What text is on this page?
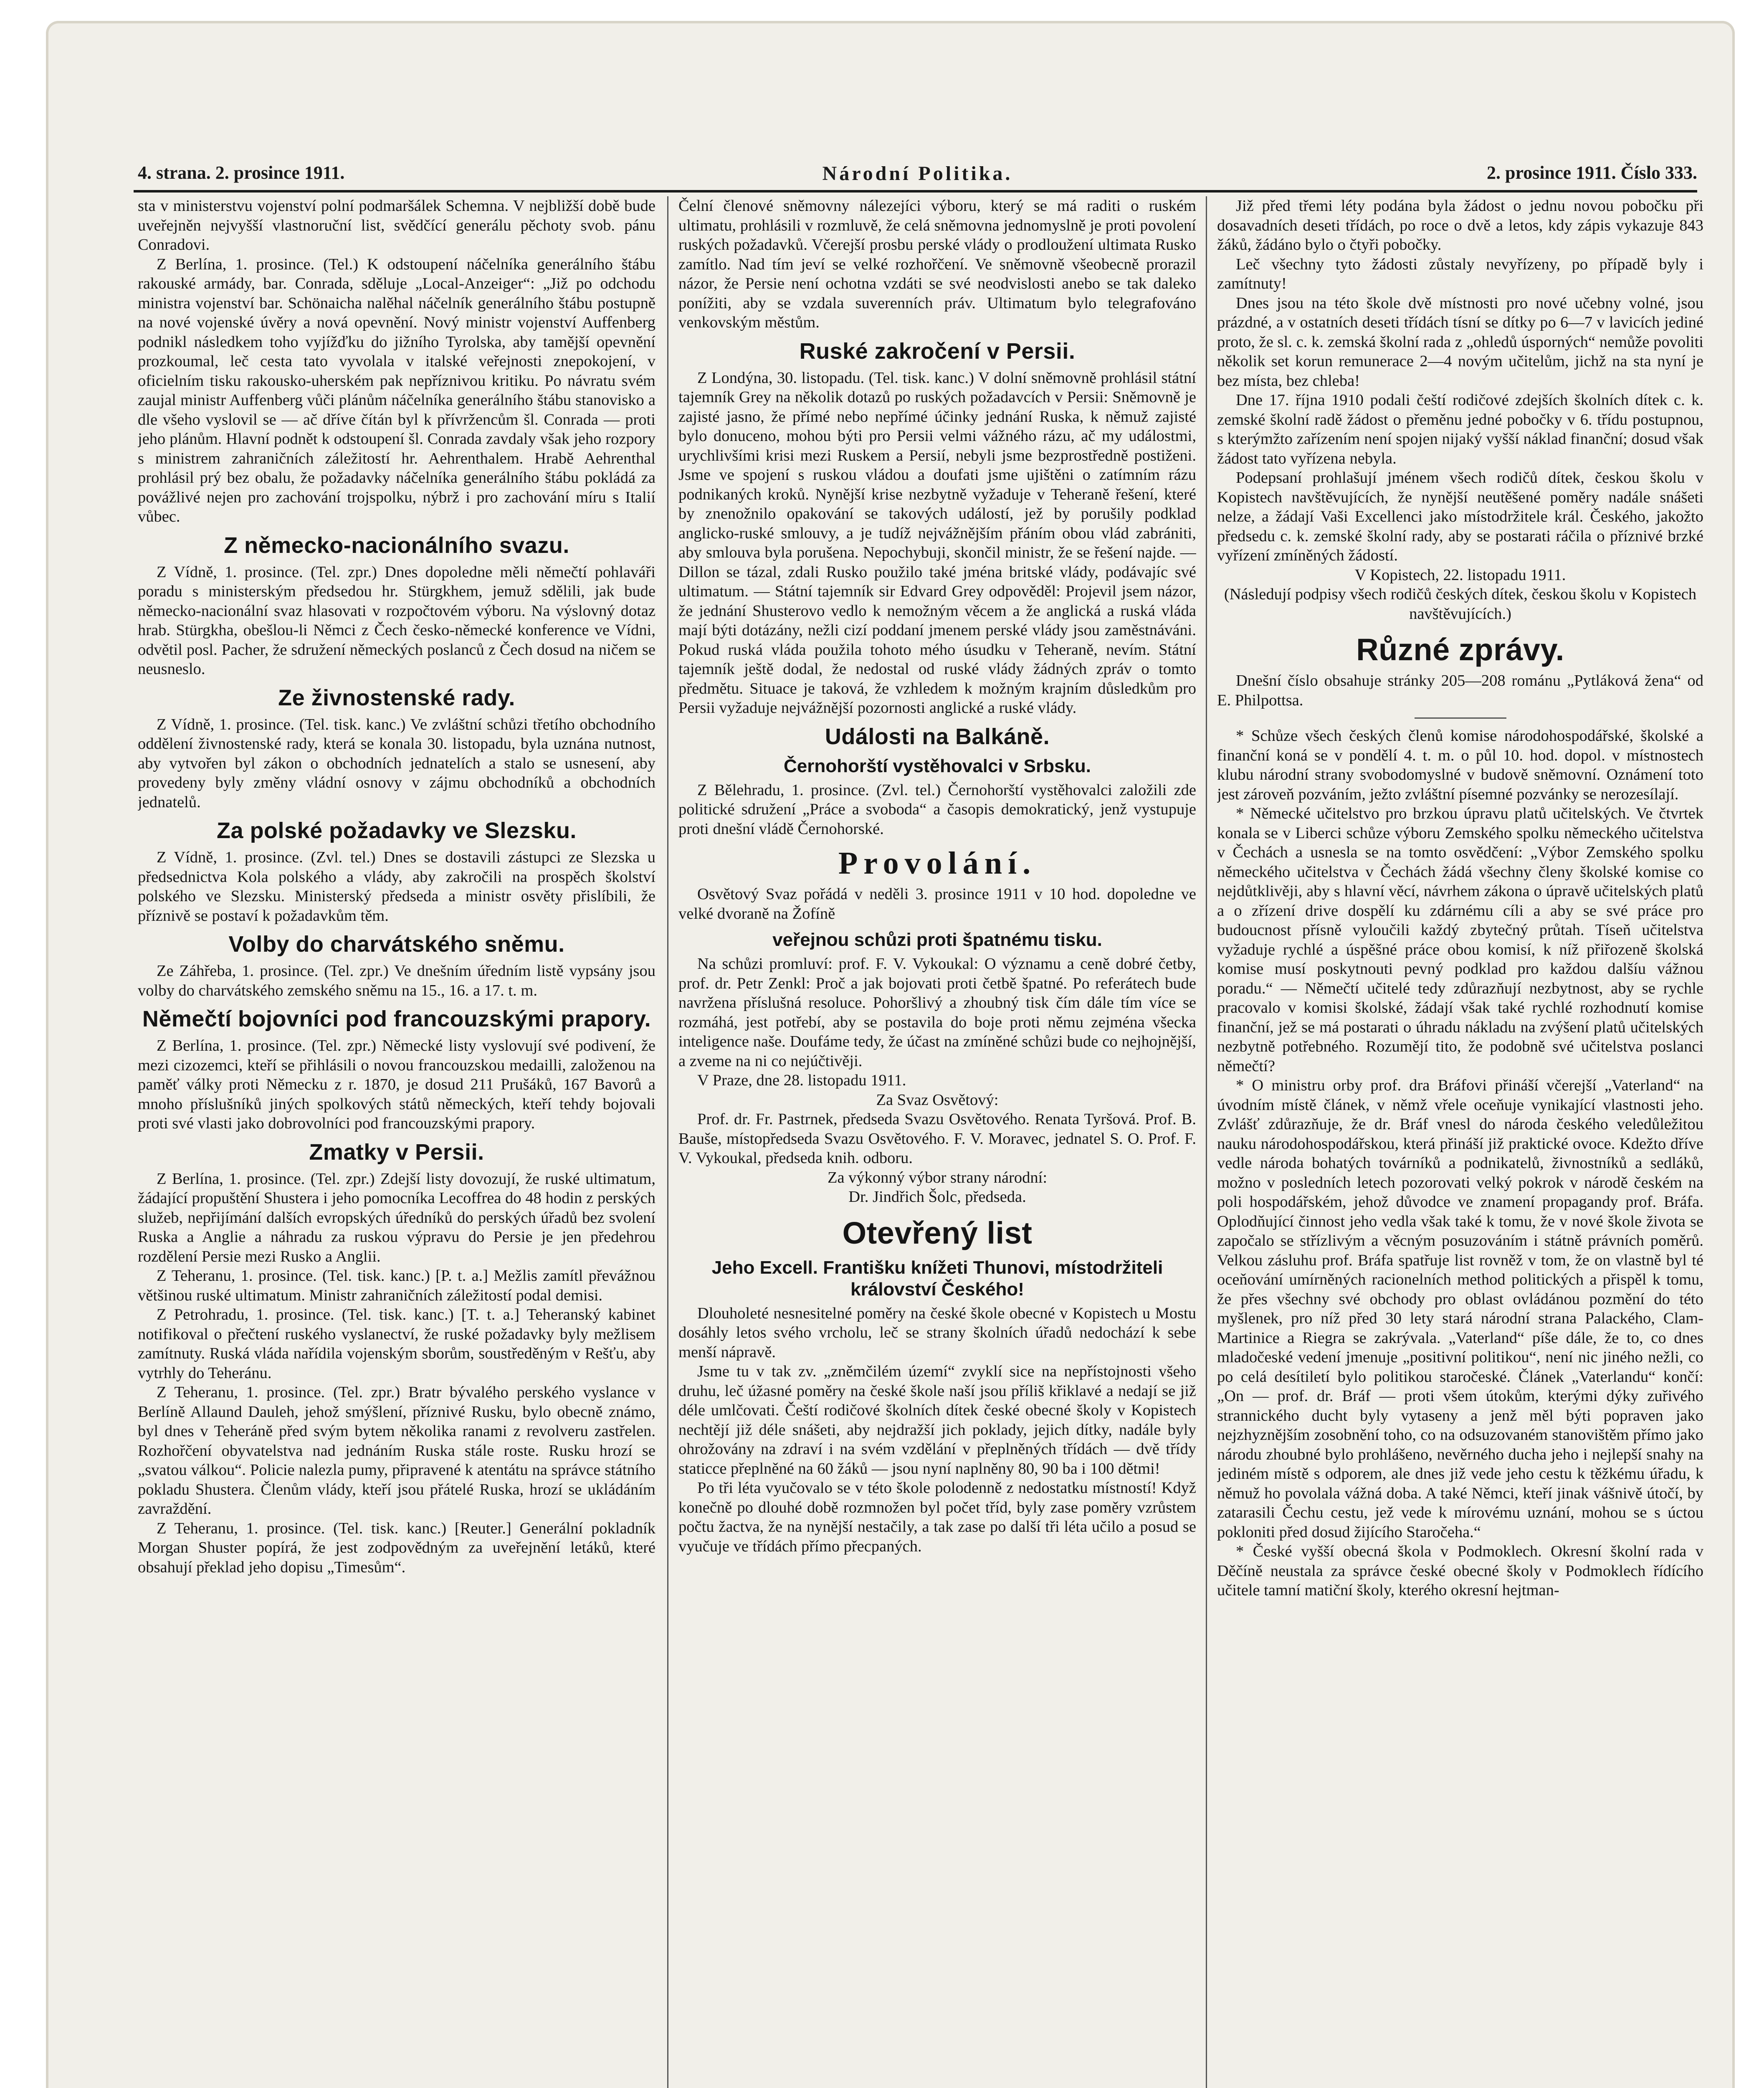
4. strana. 2. prosince 1911.	Národní Politika.	2. prosince 1911. Číslo 333.

sta v ministerstvu vojenství polní podmaršálek Schemna. V nejbližší době bude uveřejněn nejvyšší vlastnoruční list, svědčící generálu pěchoty svob. pánu Conradovi.

Z Berlína, 1. prosince. (Tel.) K odstoupení náčelníka generálního štábu rakouské armády, bar. Conrada, sděluje „Local-Anzeiger“: „Již po odchodu ministra vojenství bar. Schönaicha nalěhal náčelník generálního štábu postupně na nové vojenské úvěry a nová opevnění. Nový ministr vojenství Auffenberg podnikl následkem toho vyjížďku do jižního Tyrolska, aby tamější opevnění prozkoumal, leč cesta tato vyvolala v italské veřejnosti znepokojení, v oficielním tisku rakousko-uherském pak nepříznivou kritiku. Po návratu svém zaujal ministr Auffenberg vůči plánům náčelníka generálního štábu stanovisko a dle všeho vyslovil se — ač dříve čítán byl k přívržencům šl. Conrada — proti jeho plánům. Hlavní podnět k odstoupení šl. Conrada zavdaly však jeho rozpory s ministrem zahraničních záležitostí hr. Aehrenthalem. Hrabě Aehrenthal prohlásil prý bez obalu, že požadavky náčelníka generálního štábu pokládá za povážlivé nejen pro zachování trojspolku, nýbrž i pro zachování míru s Italií vůbec.

Z německo-nacionálního svazu.

Z Vídně, 1. prosince. (Tel. zpr.) Dnes dopoledne měli němečtí pohlaváři poradu s ministerským předsedou hr. Stürgkhem, jemuž sdělili, jak bude německo-nacionální svaz hlasovati v rozpočtovém výboru. Na výslovný dotaz hrab. Stürgkha, obešlou-li Němci z Čech česko-německé konference ve Vídni, odvětil posl. Pacher, že sdružení německých poslanců z Čech dosud na ničem se neusneslo.

Ze živnostenské rady.

Z Vídně, 1. prosince. (Tel. tisk. kanc.) Ve zvláštní schůzi třetího obchodního oddělení živnostenské rady, která se konala 30. listopadu, byla uznána nutnost, aby vytvořen byl zákon o obchodních jednatelích a stalo se usnesení, aby provedeny byly změny vládní osnovy v zájmu obchodníků a obchodních jednatelů.

Za polské požadavky ve Slezsku.

Z Vídně, 1. prosince. (Zvl. tel.) Dnes se dostavili zástupci ze Slezska u předsednictva Kola polského a vlády, aby zakročili na prospěch školství polského ve Slezsku. Ministerský předseda a ministr osvěty přislíbili, že příznivě se postaví k požadavkům těm.

Volby do charvátského sněmu.

Ze Záhřeba, 1. prosince. (Tel. zpr.) Ve dnešním úředním listě vypsány jsou volby do charvátského zemského sněmu na 15., 16. a 17. t. m.

Němečtí bojovníci pod francouzskými prapory.

Z Berlína, 1. prosince. (Tel. zpr.) Německé listy vyslovují své podivení, že mezi cizozemci, kteří se přihlásili o novou francouzskou medailli, založenou na paměť války proti Německu z r. 1870, je dosud 211 Prušáků, 167 Bavorů a mnoho příslušníků jiných spolkových států německých, kteří tehdy bojovali proti své vlasti jako dobrovolníci pod francouzskými prapory.

Zmatky v Persii.

Z Berlína, 1. prosince. (Tel. zpr.) Zdejší listy dovozují, že ruské ultimatum, žádající propuštění Shustera i jeho pomocníka Lecoffrea do 48 hodin z perských služeb, nepřijímání dalších evropských úředníků do perských úřadů bez svolení Ruska a Anglie a náhradu za ruskou výpravu do Persie je jen předehrou rozdělení Persie mezi Rusko a Anglii.

Z Teheranu, 1. prosince. (Tel. tisk. kanc.) [P. t. a.] Mežlis zamítl převážnou většinou ruské ultimatum. Ministr zahraničních záležitostí podal demisi.

Z Petrohradu, 1. prosince. (Tel. tisk. kanc.) [T. t. a.] Teheranský kabinet notifikoval o přečtení ruského vyslanectví, že ruské požadavky byly mežlisem zamítnuty. Ruská vláda nařídila vojenským sborům, soustředěným v Rešťu, aby vytrhly do Teheránu.

Z Teheranu, 1. prosince. (Tel. zpr.) Bratr bývalého perského vyslance v Berlíně Allaund Dauleh, jehož smýšlení, příznivé Rusku, bylo obecně známo, byl dnes v Teheráně před svým bytem několika ranami z revolveru zastřelen. Rozhořčení obyvatelstva nad jednáním Ruska stále roste. Rusku hrozí se „svatou válkou“. Policie nalezla pumy, připravené k atentátu na správce státního pokladu Shustera. Členům vlády, kteří jsou přátelé Ruska, hrozí se ukládáním zavraždění.

Z Teheranu, 1. prosince. (Tel. tisk. kanc.) [Reuter.] Generální pokladník Morgan Shuster popírá, že jest zodpovědným za uveřejnění letáků, které obsahují překlad jeho dopisu „Timesům“.

Čelní členové sněmovny nálezejíci výboru, který se má raditi o ruském ultimatu, prohlásili v rozmluvě, že celá sněmovna jednomyslně je proti povolení ruských požadavků. Včerejší prosbu perské vlády o prodloužení ultimata Rusko zamítlo. Nad tím jeví se velké rozhořčení. Ve sněmovně všeobecně prorazil názor, že Persie není ochotna vzdáti se své neodvislosti anebo se tak daleko ponížiti, aby se vzdala suverenních práv. Ultimatum bylo telegrafováno venkovským městům.

Ruské zakročení v Persii.

Z Londýna, 30. listopadu. (Tel. tisk. kanc.) V dolní sněmovně prohlásil státní tajemník Grey na několik dotazů po ruských požadavcích v Persii: Sněmovně je zajisté jasno, že přímé nebo nepřímé účinky jednání Ruska, k němuž zajisté bylo donuceno, mohou býti pro Persii velmi vážného rázu, ač my událostmi, urychlivšími krisi mezi Ruskem a Persií, nebyli jsme bezprostředně postiženi. Jsme ve spojení s ruskou vládou a doufati jsme ujištěni o zatímním rázu podnikaných kroků. Nynější krise nezbytně vyžaduje v Teheraně řešení, které by znenožnilo opakování se takových událostí, jež by porušily podklad anglicko-ruské smlouvy, a je tudíž nejvážnějším přáním obou vlád zabrániti, aby smlouva byla porušena. Nepochybuji, skončil ministr, že se řešení najde. — Dillon se tázal, zdali Rusko použilo také jména britské vlády, podávajíc své ultimatum. — Státní tajemník sir Edvard Grey odpověděl: Projevil jsem názor, že jednání Shusterovo vedlo k nemožným věcem a že anglická a ruská vláda mají býti dotázány, nežli cizí poddaní jmenem perské vlády jsou zaměstnáváni. Pokud ruská vláda použila tohoto mého úsudku v Teheraně, nevím. Státní tajemník ještě dodal, že nedostal od ruské vlády žádných zpráv o tomto předmětu. Situace je taková, že vzhledem k možným krajním důsledkům pro Persii vyžaduje nejvážnější pozornosti anglické a ruské vlády.

Události na Balkáně.
Černohorští vystěhovalci v Srbsku.

Z Bělehradu, 1. prosince. (Zvl. tel.) Černohorští vystěhovalci založili zde politické sdružení „Práce a svoboda“ a časopis demokratický, jenž vystupuje proti dnešní vládě Černohorské.

Provolání.

Osvětový Svaz pořádá v neděli 3. prosince 1911 v 10 hod. dopoledne ve velké dvoraně na Žofíně

veřejnou schůzi proti špatnému tisku.

Na schůzi promluví: prof. F. V. Vykoukal: O významu a ceně dobré četby, prof. dr. Petr Zenkl: Proč a jak bojovati proti četbě špatné. Po referátech bude navržena příslušná resoluce. Pohoršlivý a zhoubný tisk čím dále tím více se rozmáhá, jest potřebí, aby se postavila do boje proti němu zejména všecka inteligence naše. Doufáme tedy, že účast na zmíněné schůzi bude co nejhojnější, a zveme na ni co nejúčtivěji.

V Praze, dne 28. listopadu 1911.

Za Svaz Osvětový:

Prof. dr. Fr. Pastrnek, předseda Svazu Osvětového. Renata Tyršová. Prof. B. Bauše, místopředseda Svazu Osvětového. F. V. Moravec, jednatel S. O. Prof. F. V. Vykoukal, předseda knih. odboru.

Za výkonný výbor strany národní:

Dr. Jindřich Šolc, předseda.

Otevřený list
Jeho Excell. Františku knížeti Thunovi, místodržiteli království Českého!

Dlouholeté nesnesitelné poměry na české škole obecné v Kopistech u Mostu dosáhly letos svého vrcholu, leč se strany školních úřadů nedochází k sebe menší nápravě.

Jsme tu v tak zv. „zněmčilém území“ zvyklí sice na nepřístojnosti všeho druhu, leč úžasné poměry na české škole naší jsou příliš křiklavé a nedají se již déle umlčovati. Čeští rodičové školních dítek české obecné školy v Kopistech nechtějí již déle snášeti, aby nejdražší jich poklady, jejich dítky, nadále byly ohrožovány na zdraví i na svém vzdělání v přeplněných třídách — dvě třídy staticce přeplněné na 60 žáků — jsou nyní naplněny 80, 90 ba i 100 dětmi!

Po tři léta vyučovalo se v této škole polodenně z nedostatku místností! Když konečně po dlouhé době rozmnožen byl počet tříd, byly zase poměry vzrůstem počtu žactva, že na nynější nestačily, a tak zase po další tři léta učilo a posud se vyučuje ve třídách přímo přecpaných.

Již před třemi léty podána byla žádost o jednu novou pobočku při dosavadních deseti třídách, po roce o dvě a letos, kdy zápis vykazuje 843 žáků, žádáno bylo o čtyři pobočky.

Leč všechny tyto žádosti zůstaly nevyřízeny, po případě byly i zamítnuty!

Dnes jsou na této škole dvě místnosti pro nové učebny volné, jsou prázdné, a v ostatních deseti třídách tísní se dítky po 6—7 v lavicích jediné proto, že sl. c. k. zemská školní rada z „ohledů úsporných“ nemůže povoliti několik set korun remunerace 2—4 novým učitelům, jichž na sta nyní je bez místa, bez chleba!

Dne 17. října 1910 podali čeští rodičové zdejších školních dítek c. k. zemské školní radě žádost o přeměnu jedné pobočky v 6. třídu postupnou, s kterýmžto zařízením není spojen nijaký vyšší náklad finanční; dosud však žádost tato vyřízena nebyla.

Podepsaní prohlašují jménem všech rodičů dítek, českou školu v Kopistech navštěvujících, že nynější neutěšené poměry nadále snášeti nelze, a žádají Vaši Excellenci jako místodržitele král. Českého, jakožto předsedu c. k. zemské školní rady, aby se postarati ráčila o příznivé brzké vyřízení zmíněných žádostí.

V Kopistech, 22. listopadu 1911.

(Následují podpisy všech rodičů českých dítek, českou školu v Kopistech navštěvujících.)

Různé zprávy.

Dnešní číslo obsahuje stránky 205—208 románu „Pytláková žena“ od E. Philpottsa.

* Schůze všech českých členů komise národohospodářské, školské a finanční koná se v pondělí 4. t. m. o půl 10. hod. dopol. v místnostech klubu národní strany svobodomyslné v budově sněmovní. Oznámení toto jest zároveň pozváním, ježto zvláštní písemné pozvánky se nerozesílají.

* Německé učitelstvo pro brzkou úpravu platů učitelských. Ve čtvrtek konala se v Liberci schůze výboru Zemského spolku německého učitelstva v Čechách a usnesla se na tomto osvědčení: „Výbor Zemského spolku německého učitelstva v Čechách žádá všechny členy školské komise co nejdůtklivěji, aby s hlavní věcí, návrhem zákona o úpravě učitelských platů a o zřízení drive dospělí ku zdárnému cíli a aby se své práce pro budoucnost přísně vyloučili každý zbytečný průtah. Tíseň učitelstva vyžaduje rychlé a úspěšné práce obou komisí, k níž přiřozeně školská komise musí poskytnouti pevný podklad pro každou dalšíu vážnou poradu.“ — Němečtí učitelé tedy zdůrazňují nezbytnost, aby se rychle pracovalo v komisi školské, žádají však také rychlé rozhodnutí komise finanční, jež se má postarati o úhradu nákladu na zvýšení platů učitelských nezbytně potřebného. Rozumějí tito, že podobně své učitelstva poslanci němečtí?

* O ministru orby prof. dra Bráfovi přináší včerejší „Vaterland“ na úvodním místě článek, v němž vřele oceňuje vynikající vlastnosti jeho. Zvlášť zdůrazňuje, že dr. Bráf vnesl do národa českého veledůležitou nauku národohospodářskou, která přináší již praktické ovoce. Kdežto dříve vedle národa bohatých továrníků a podnikatelů, živnostníků a sedláků, možno v posledních letech pozorovati velký pokrok v národě českém na poli hospodářském, jehož důvodce ve znamení propagandy prof. Bráfa. Oplodňující činnost jeho vedla však také k tomu, že v nové škole života se započalo se střízlivým a věcným posuzováním i státně právních poměrů. Velkou zásluhu prof. Bráfa spatřuje list rovněž v tom, že on vlastně byl té oceňování umírněných racionelních method politických a přispěl k tomu, že přes všechny své obchody pro oblast ovládánou pozmění do této myšlenek, pro níž před 30 lety stará národní strana Palackého, Clam-Martinice a Riegra se zakrývala. „Vaterland“ píše dále, že to, co dnes mladočeské vedení jmenuje „positivní politikou“, není nic jiného nežli, co po celá desítiletí bylo politikou staročeské. Článek „Vaterlandu“ končí: „On — prof. dr. Bráf — proti všem útokům, kterými dýky zuřivého strannického ducht byly vytaseny a jenž měl býti popraven jako nejzhyznějším zosobnění toho, co na odsuzovaném stanovištěm přímo jako národu zhoubné bylo prohlášeno, nevěrného ducha jeho i nejlepší snahy na jediném místě s odporem, ale dnes již vede jeho cestu k těžkému úřadu, k němuž ho povolala vážná doba. A také Němci, kteří jinak vášnivě útočí, by zatarasili Čechu cestu, jež vede k mírovému uznání, mohou se s úctou pokloniti před dosud žijícího Staročeha.“

* České vyšší obecná škola v Podmoklech. Okresní školní rada v Děčíně neustala za správce české obecné školy v Podmoklech řídícího učitele tamní matiční školy, kterého okresní hejtman-
